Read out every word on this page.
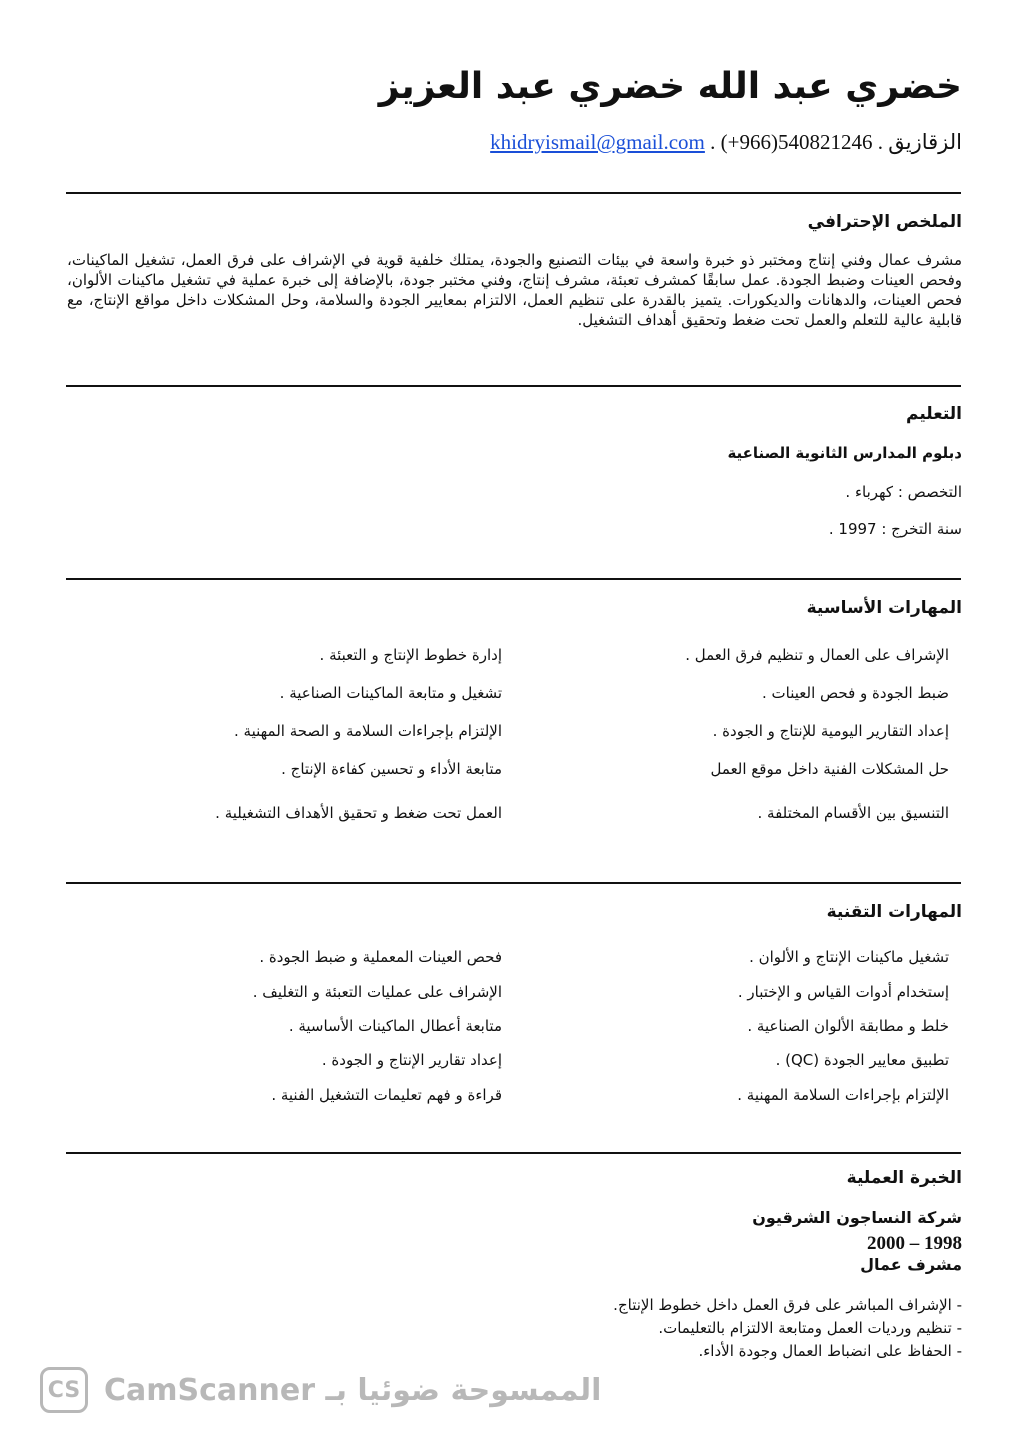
خضري عبد الله خضري عبد العزيز
الزقازيق . (+966)540821246 . khidryismail@gmail.com
الملخص الإحترافي

مشرف عمال وفني إنتاج ومختبر ذو خبرة واسعة في بيئات التصنيع والجودة، يمتلك خلفية قوية في الإشراف على فرق العمل، تشغيل الماكينات، وفحص العينات وضبط الجودة. عمل سابقًا كمشرف تعبئة، مشرف إنتاج، وفني مختبر جودة، بالإضافة إلى خبرة عملية في تشغيل ماكينات الألوان، فحص العينات، والدهانات والديكورات. يتميز بالقدرة على تنظيم العمل، الالتزام بمعايير الجودة والسلامة، وحل المشكلات داخل مواقع الإنتاج، مع قابلية عالية للتعلم والعمل تحت ضغط وتحقيق أهداف التشغيل.

التعليم
دبلوم المدارس الثانوية الصناعية
التخصص : كهرباء .
سنة التخرج : 1997 .
المهارات الأساسية
الإشراف على العمال و تنظيم فرق العمل .
ضبط الجودة و فحص العينات .
إعداد التقارير اليومية للإنتاج و الجودة .
حل المشكلات الفنية داخل موقع العمل
التنسيق بين الأقسام المختلفة .
إدارة خطوط الإنتاج و التعبئة .
تشغيل و متابعة الماكينات الصناعية .
الإلتزام بإجراءات السلامة و الصحة المهنية .
متابعة الأداء و تحسين كفاءة الإنتاج .
العمل تحت ضغط و تحقيق الأهداف التشغيلية .
المهارات التقنية
تشغيل ماكينات الإنتاج و الألوان .
إستخدام أدوات القياس و الإختبار .
خلط و مطابقة الألوان الصناعية .
تطبيق معايير الجودة (QC) .
الإلتزام بإجراءات السلامة المهنية .
فحص العينات المعملية و ضبط الجودة .
الإشراف على عمليات التعبئة و التغليف .
متابعة أعطال الماكينات الأساسية .
إعداد تقارير الإنتاج و الجودة .
قراءة و فهم تعليمات التشغيل الفنية .
الخبرة العملية
شركة النساجون الشرقيون
2000 – 1998
مشرف عمال
- الإشراف المباشر على فرق العمل داخل خطوط الإنتاج.
- تنظيم ورديات العمل ومتابعة الالتزام بالتعليمات.
- الحفاظ على انضباط العمال وجودة الأداء.
CS CamScanner الممسوحة ضوئيا بـ
